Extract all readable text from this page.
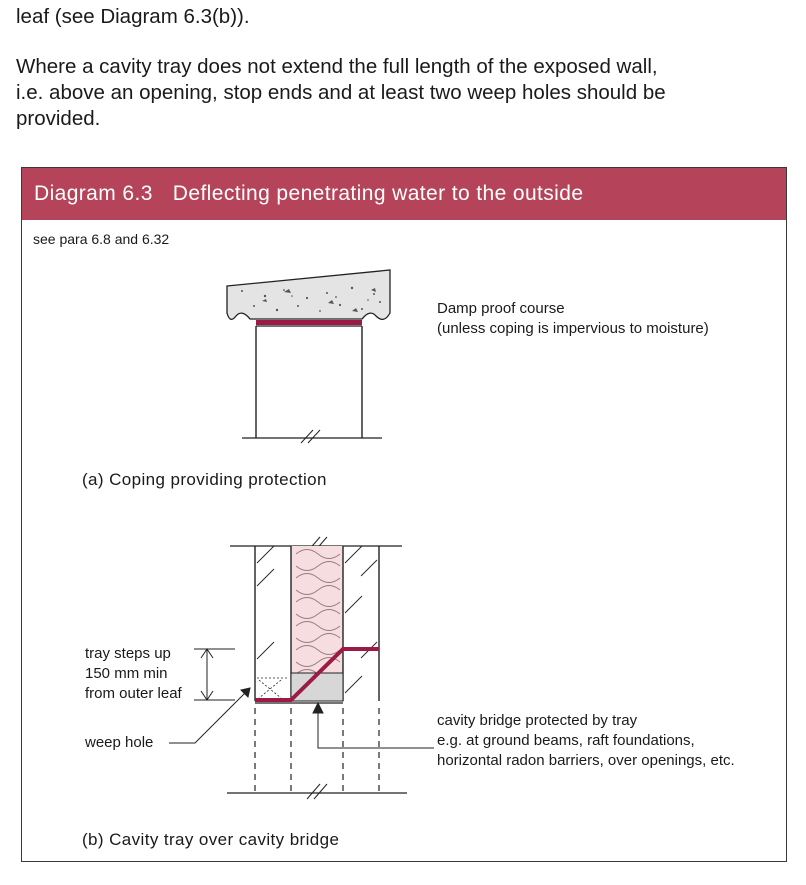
leaf (see Diagram 6.3(b)).

Where a cavity tray does not extend the full length of the exposed wall,
i.e. above an opening, stop ends and at least two weep holes should be
provided.
Diagram 6.3 Deflecting penetrating water to the outside
see para 6.8 and 6.32
Damp proof course
(unless coping is impervious to moisture)
(a) Coping providing protection
tray steps up
150 mm min
from outer leaf
weep hole
cavity bridge protected by tray
e.g. at ground beams, raft foundations,
horizontal radon barriers, over openings, etc.
(b) Cavity tray over cavity bridge
